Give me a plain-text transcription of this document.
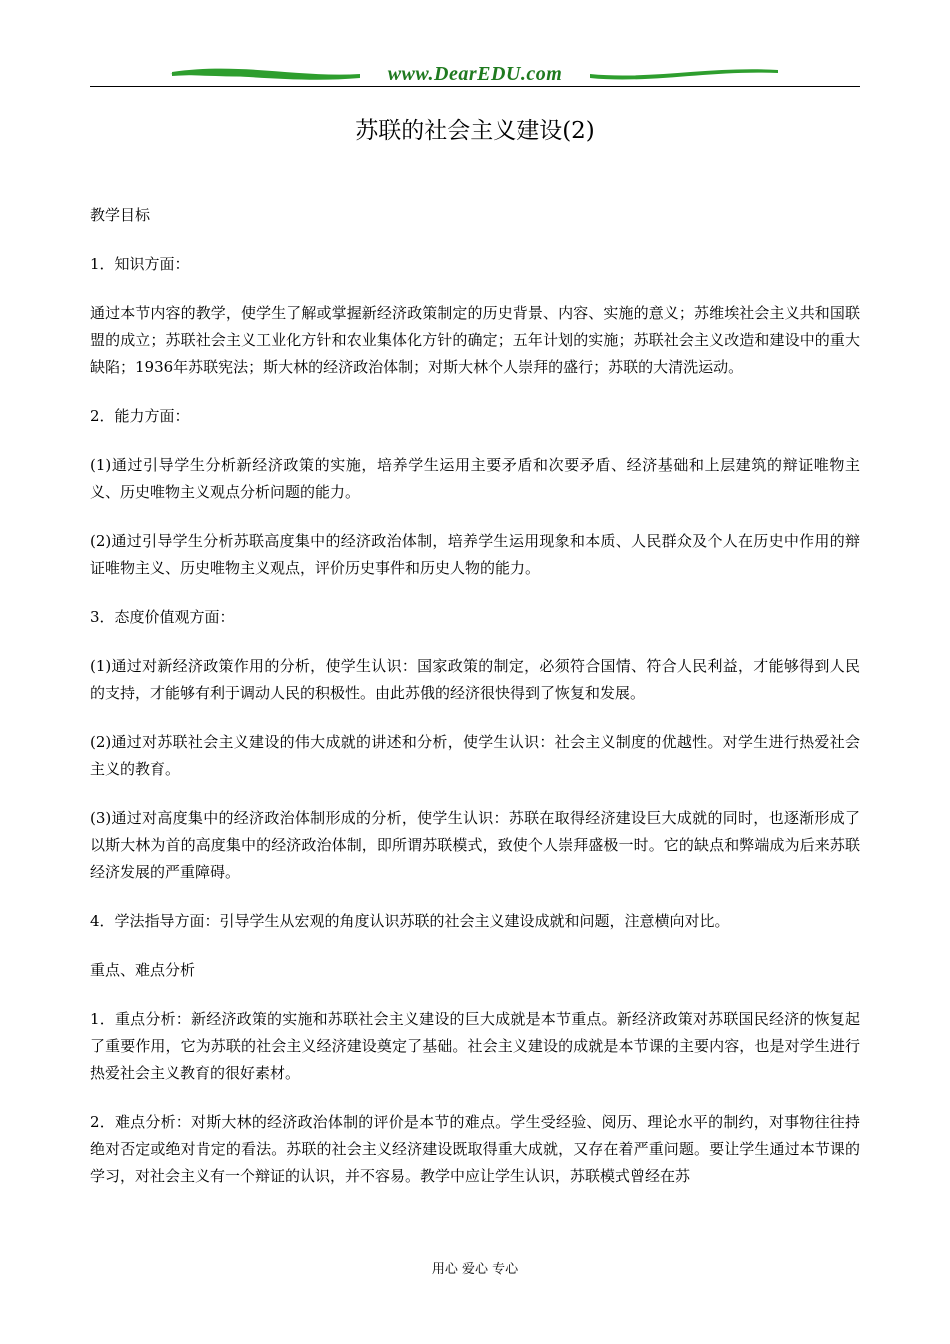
www.DearEDU.com
苏联的社会主义建设(2)

教学目标

1．知识方面：

通过本节内容的教学，使学生了解或掌握新经济政策制定的历史背景、内容、实施的意义；苏维埃社会主义共和国联盟的成立；苏联社会主义工业化方针和农业集体化方针的确定；五年计划的实施；苏联社会主义改造和建设中的重大缺陷；1936年苏联宪法；斯大林的经济政治体制；对斯大林个人崇拜的盛行；苏联的大清洗运动。

2．能力方面：

(1)通过引导学生分析新经济政策的实施，培养学生运用主要矛盾和次要矛盾、经济基础和上层建筑的辩证唯物主义、历史唯物主义观点分析问题的能力。

(2)通过引导学生分析苏联高度集中的经济政治体制，培养学生运用现象和本质、人民群众及个人在历史中作用的辩证唯物主义、历史唯物主义观点，评价历史事件和历史人物的能力。

3．态度价值观方面：

(1)通过对新经济政策作用的分析，使学生认识：国家政策的制定，必须符合国情、符合人民利益，才能够得到人民的支持，才能够有利于调动人民的积极性。由此苏俄的经济很快得到了恢复和发展。

(2)通过对苏联社会主义建设的伟大成就的讲述和分析，使学生认识：社会主义制度的优越性。对学生进行热爱社会主义的教育。

(3)通过对高度集中的经济政治体制形成的分析，使学生认识：苏联在取得经济建设巨大成就的同时，也逐渐形成了以斯大林为首的高度集中的经济政治体制，即所谓苏联模式，致使个人崇拜盛极一时。它的缺点和弊端成为后来苏联经济发展的严重障碍。

4．学法指导方面：引导学生从宏观的角度认识苏联的社会主义建设成就和问题，注意横向对比。

重点、难点分析

1．重点分析：新经济政策的实施和苏联社会主义建设的巨大成就是本节重点。新经济政策对苏联国民经济的恢复起了重要作用，它为苏联的社会主义经济建设奠定了基础。社会主义建设的成就是本节课的主要内容，也是对学生进行热爱社会主义教育的很好素材。

2．难点分析：对斯大林的经济政治体制的评价是本节的难点。学生受经验、阅历、理论水平的制约，对事物往往持绝对否定或绝对肯定的看法。苏联的社会主义经济建设既取得重大成就，又存在着严重问题。要让学生通过本节课的学习，对社会主义有一个辩证的认识，并不容易。教学中应让学生认识，苏联模式曾经在苏

用心 爱心 专心
